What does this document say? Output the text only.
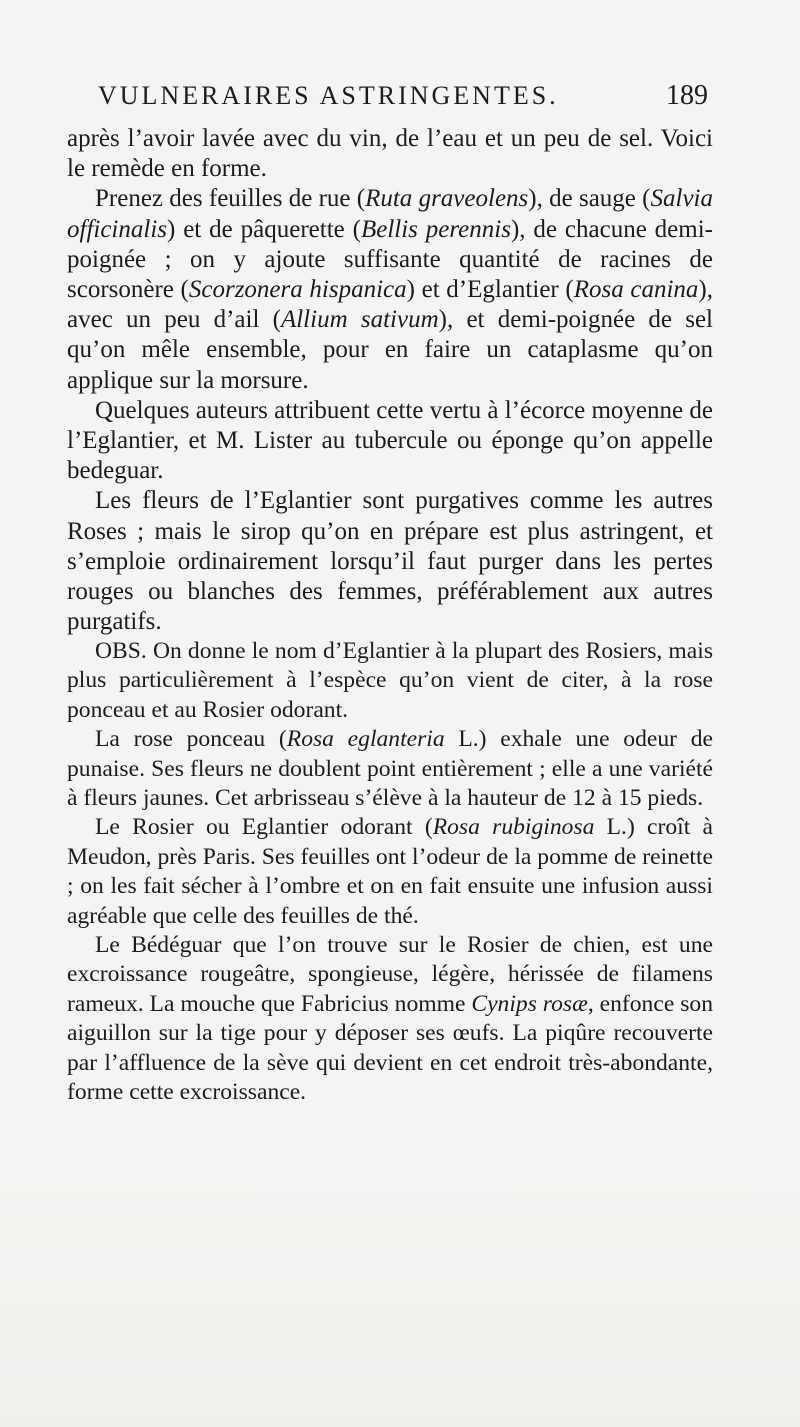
VULNERAIRES ASTRINGENTES.	189

après l’avoir lavée avec du vin, de l’eau et un peu de sel. Voici le remède en forme.

Prenez des feuilles de rue (Ruta graveolens), de sauge (Salvia officinalis) et de pâquerette (Bellis perennis), de chacune demi-poignée ; on y ajoute suffisante quantité de racines de scorsonère (Scorzonera hispanica) et d’Eglantier (Rosa canina), avec un peu d’ail (Allium sativum), et demi-poignée de sel qu’on mêle ensemble, pour en faire un cataplasme qu’on applique sur la morsure.

Quelques auteurs attribuent cette vertu à l’écorce moyenne de l’Eglantier, et M. Lister au tubercule ou éponge qu’on appelle bedeguar.

Les fleurs de l’Eglantier sont purgatives comme les autres Roses ; mais le sirop qu’on en prépare est plus astringent, et s’emploie ordinairement lorsqu’il faut purger dans les pertes rouges ou blanches des femmes, préférablement aux autres purgatifs.

OBS. On donne le nom d’Eglantier à la plupart des Rosiers, mais plus particulièrement à l’espèce qu’on vient de citer, à la rose ponceau et au Rosier odorant.

La rose ponceau (Rosa eglanteria L.) exhale une odeur de punaise. Ses fleurs ne doublent point entièrement ; elle a une variété à fleurs jaunes. Cet arbrisseau s’élève à la hauteur de 12 à 15 pieds.

Le Rosier ou Eglantier odorant (Rosa rubiginosa L.) croît à Meudon, près Paris. Ses feuilles ont l’odeur de la pomme de reinette ; on les fait sécher à l’ombre et on en fait ensuite une infusion aussi agréable que celle des feuilles de thé.

Le Bédéguar que l’on trouve sur le Rosier de chien, est une excroissance rougeâtre, spongieuse, légère, hérissée de filamens rameux. La mouche que Fabricius nomme Cynips rosæ, enfonce son aiguillon sur la tige pour y déposer ses œufs. La piqûre recouverte par l’affluence de la sève qui devient en cet endroit très-abondante, forme cette excroissance.
